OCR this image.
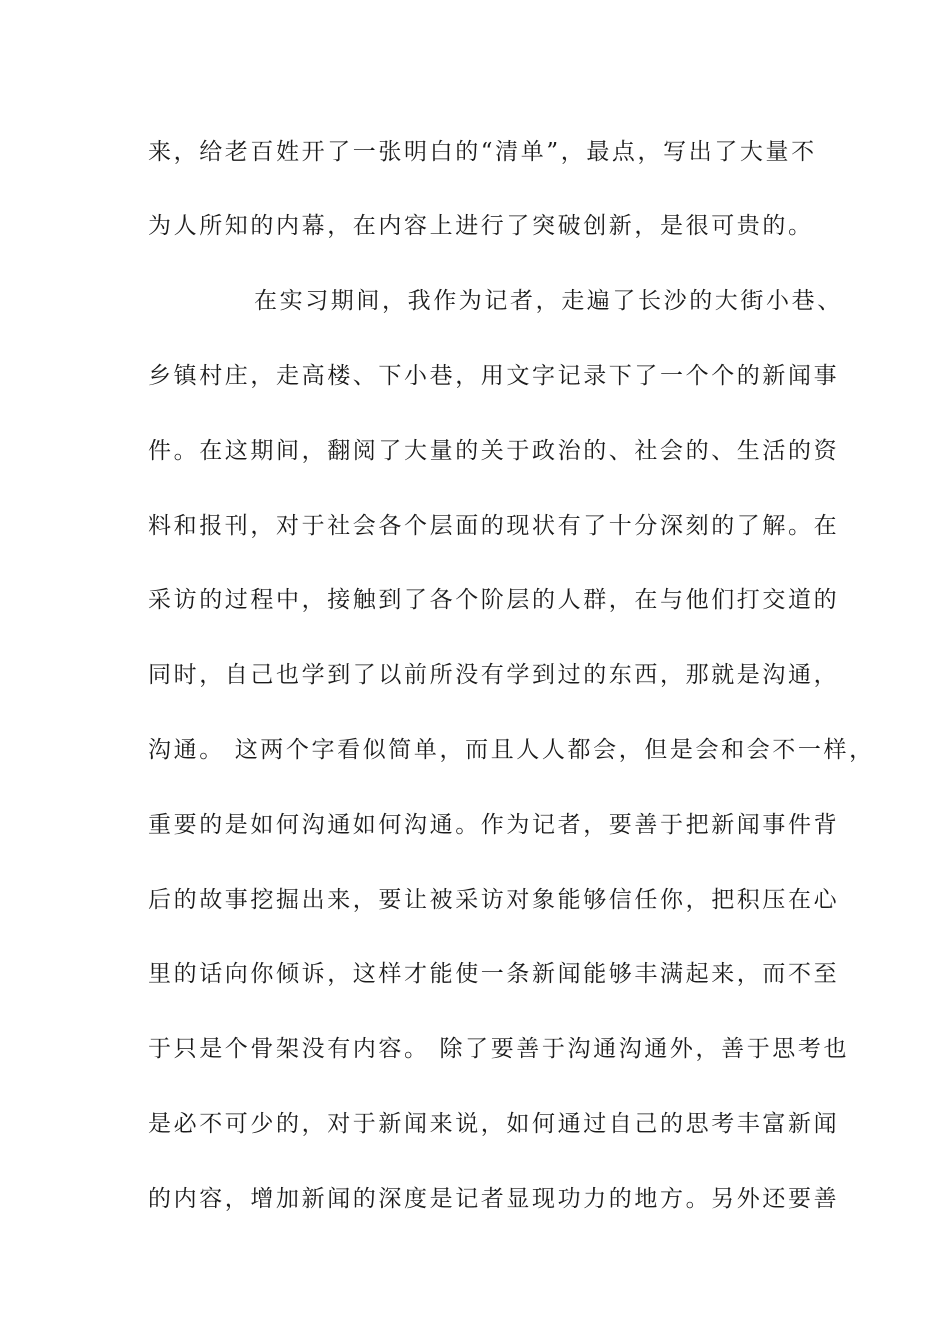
来，给老百姓开了一张明白的“清单”，最点，写出了大量不
为人所知的内幕，在内容上进行了突破创新，是很可贵的。
在实习期间，我作为记者，走遍了长沙的大街小巷、
乡镇村庄，走高楼、下小巷，用文字记录下了一个个的新闻事
件。在这期间，翻阅了大量的关于政治的、社会的、生活的资
料和报刊，对于社会各个层面的现状有了十分深刻的了解。在
采访的过程中，接触到了各个阶层的人群，在与他们打交道的
同时，自己也学到了以前所没有学到过的东西，那就是沟通，
沟通。 这两个字看似简单，而且人人都会，但是会和会不一样，
重要的是如何沟通如何沟通。作为记者，要善于把新闻事件背
后的故事挖掘出来，要让被采访对象能够信任你，把积压在心
里的话向你倾诉，这样才能使一条新闻能够丰满起来，而不至
于只是个骨架没有内容。 除了要善于沟通沟通外，善于思考也
是必不可少的，对于新闻来说，如何通过自己的思考丰富新闻
的内容，增加新闻的深度是记者显现功力的地方。另外还要善
